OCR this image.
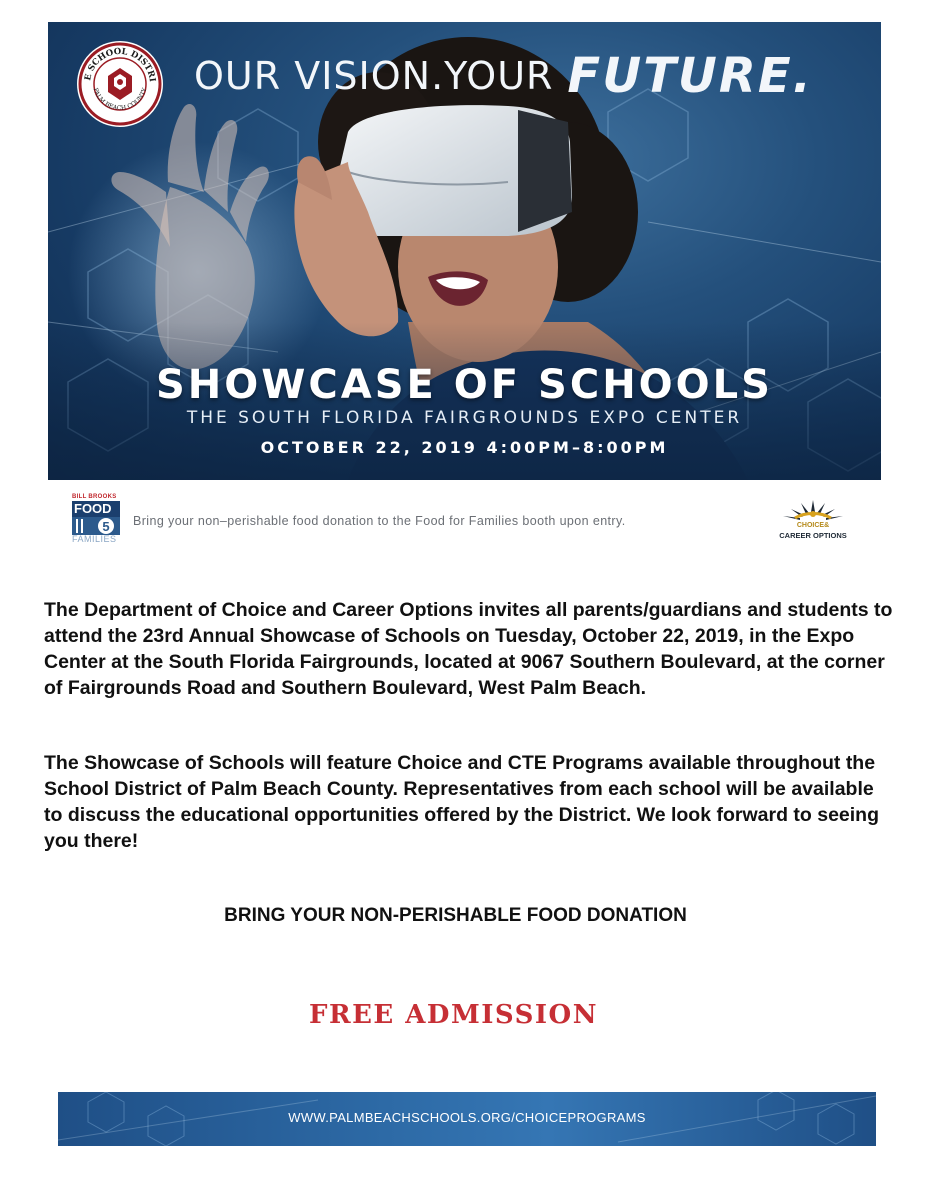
E SCHOOL DISTRI
PALM BEACH COUNTY OUR VISION.YOUR FUTURE.
SHOWCASE OF SCHOOLS
THE SOUTH FLORIDA FAIRGROUNDS EXPO CENTER
OCTOBER 22, 2019 4:00PM–8:00PM
BILL BROOKS
FOOD
5
FAMILIES
Bring your non–perishable food donation to the Food for Families booth upon entry.	CHOICE&
CAREER OPTIONS

The Department of Choice and Career Options invites all parents/guardians and students to attend the 23rd Annual Showcase of Schools on Tuesday, October 22, 2019, in the Expo Center at the South Florida Fairgrounds, located at 9067 Southern Boulevard, at the corner of Fairgrounds Road and Southern Boulevard, West Palm Beach.

The Showcase of Schools will feature Choice and CTE Programs available throughout the School District of Palm Beach County. Representatives from each school will be available to discuss the educational opportunities offered by the District. We look forward to seeing you there!

BRING YOUR NON-PERISHABLE FOOD DONATION
FREE ADMISSION
WWW.PALMBEACHSCHOOLS.ORG/CHOICEPROGRAMS
